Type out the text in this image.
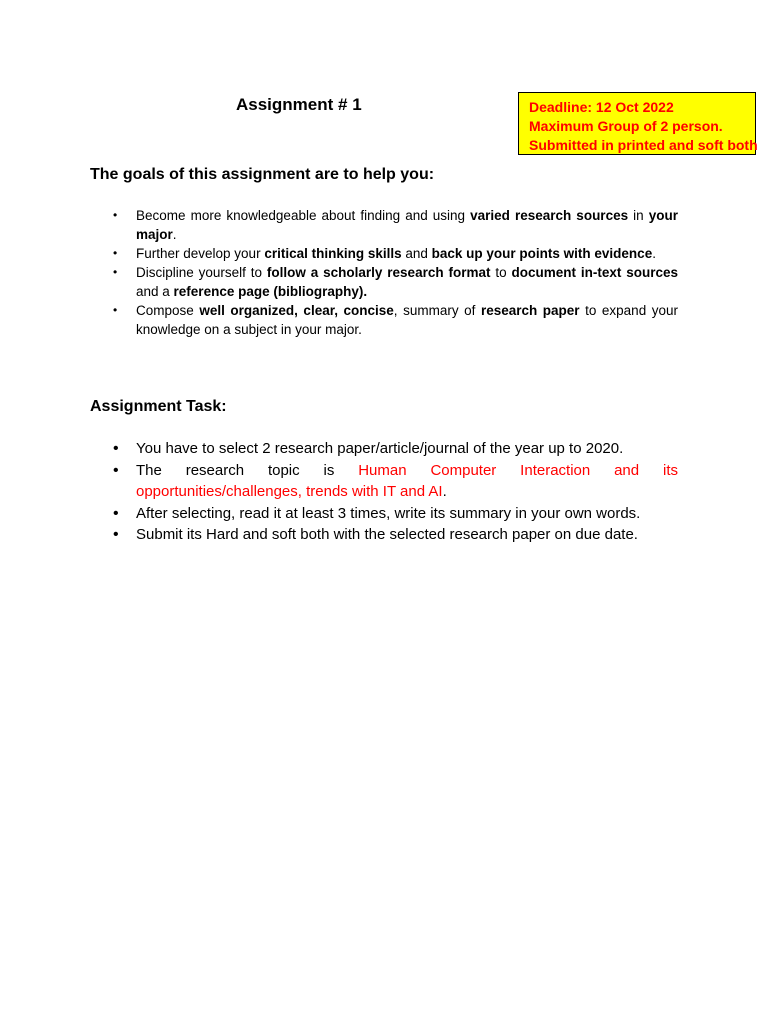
Assignment # 1	Deadline: 12 Oct 2022
Maximum Group of 2 person.
Submitted in printed and soft both
The goals of this assignment are to help you:
• Become more knowledgeable about finding and using varied research sources in your major.
• Further develop your critical thinking skills and back up your points with evidence.
• Discipline yourself to follow a scholarly research format to document in-text sources and a reference page (bibliography).
• Compose well organized, clear, concise, summary of research paper to expand your knowledge on a subject in your major.
Assignment Task:
• You have to select 2 research paper/article/journal of the year up to 2020.
• The research topic is Human Computer Interaction and its opportunities/challenges, trends with IT and AI.
• After selecting, read it at least 3 times, write its summary in your own words.
• Submit its Hard and soft both with the selected research paper on due date.
